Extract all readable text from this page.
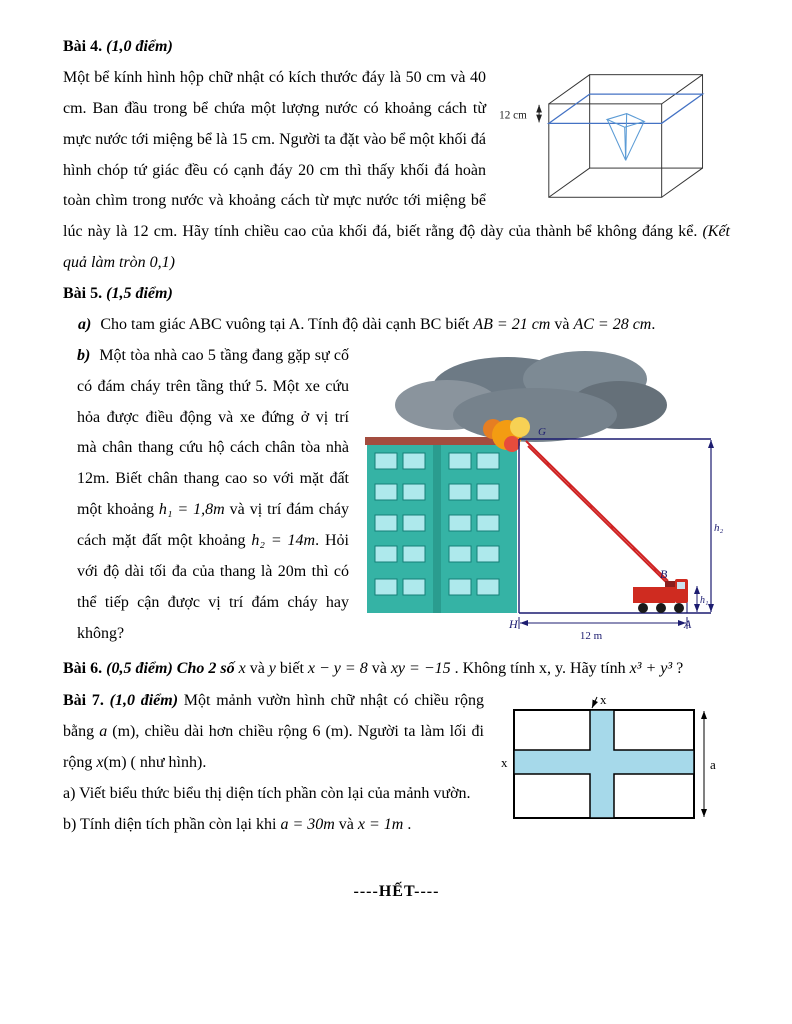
Bài 4. (1,0 điểm)

12 cm
Một bể kính hình hộp chữ nhật có kích thước đáy là 50 cm và 40 cm. Ban đầu trong bể chứa một lượng nước có khoảng cách từ mực nước tới miệng bể là 15 cm. Người ta đặt vào bể một khối đá hình chóp tứ giác đều có cạnh đáy 20 cm thì thấy khối đá hoàn toàn chìm trong nước và khoảng cách từ mực nước tới miệng bể lúc này là 12 cm. Hãy tính chiều cao của khối đá, biết rằng độ dày của thành bể không đáng kể. (Kết quả làm tròn 0,1)

Bài 5. (1,5 điểm)

a) Cho tam giác ABC vuông tại A. Tính độ dài cạnh BC biết AB = 21 cm và AC = 28 cm.

b) Một tòa nhà cao 5 tầng đang gặp sự cố có đám cháy trên tầng thứ 5. Một xe cứu hỏa được điều động và xe đứng ở vị trí mà chân thang cứu hộ cách chân tòa nhà 12m. Biết chân thang cao so với mặt đất một khoảng h₁ = 1,8m và vị trí đám cháy cách mặt đất một khoảng h₂ = 14m. Hỏi với độ dài tối đa của thang là 20m thì có thể tiếp cận được vị trí đám cháy hay không?
G
H	A
B
h₂
h₁
12 m

Bài 6. (0,5 điểm) Cho 2 số x và y biết x − y = 8 và xy = −15 . Không tính x, y. Hãy tính x³ + y³ ?

Bài 7. (1,0 điểm) Một mảnh vườn hình chữ nhật có chiều rộng bằng a (m), chiều dài hơn chiều rộng 6 (m). Người ta làm lối đi rộng x(m) ( như hình).

a) Viết biểu thức biểu thị diện tích phần còn lại của mảnh vườn.

b) Tính diện tích phần còn lại khi a = 30m và x = 1m .

x
x	a

----HẾT----
